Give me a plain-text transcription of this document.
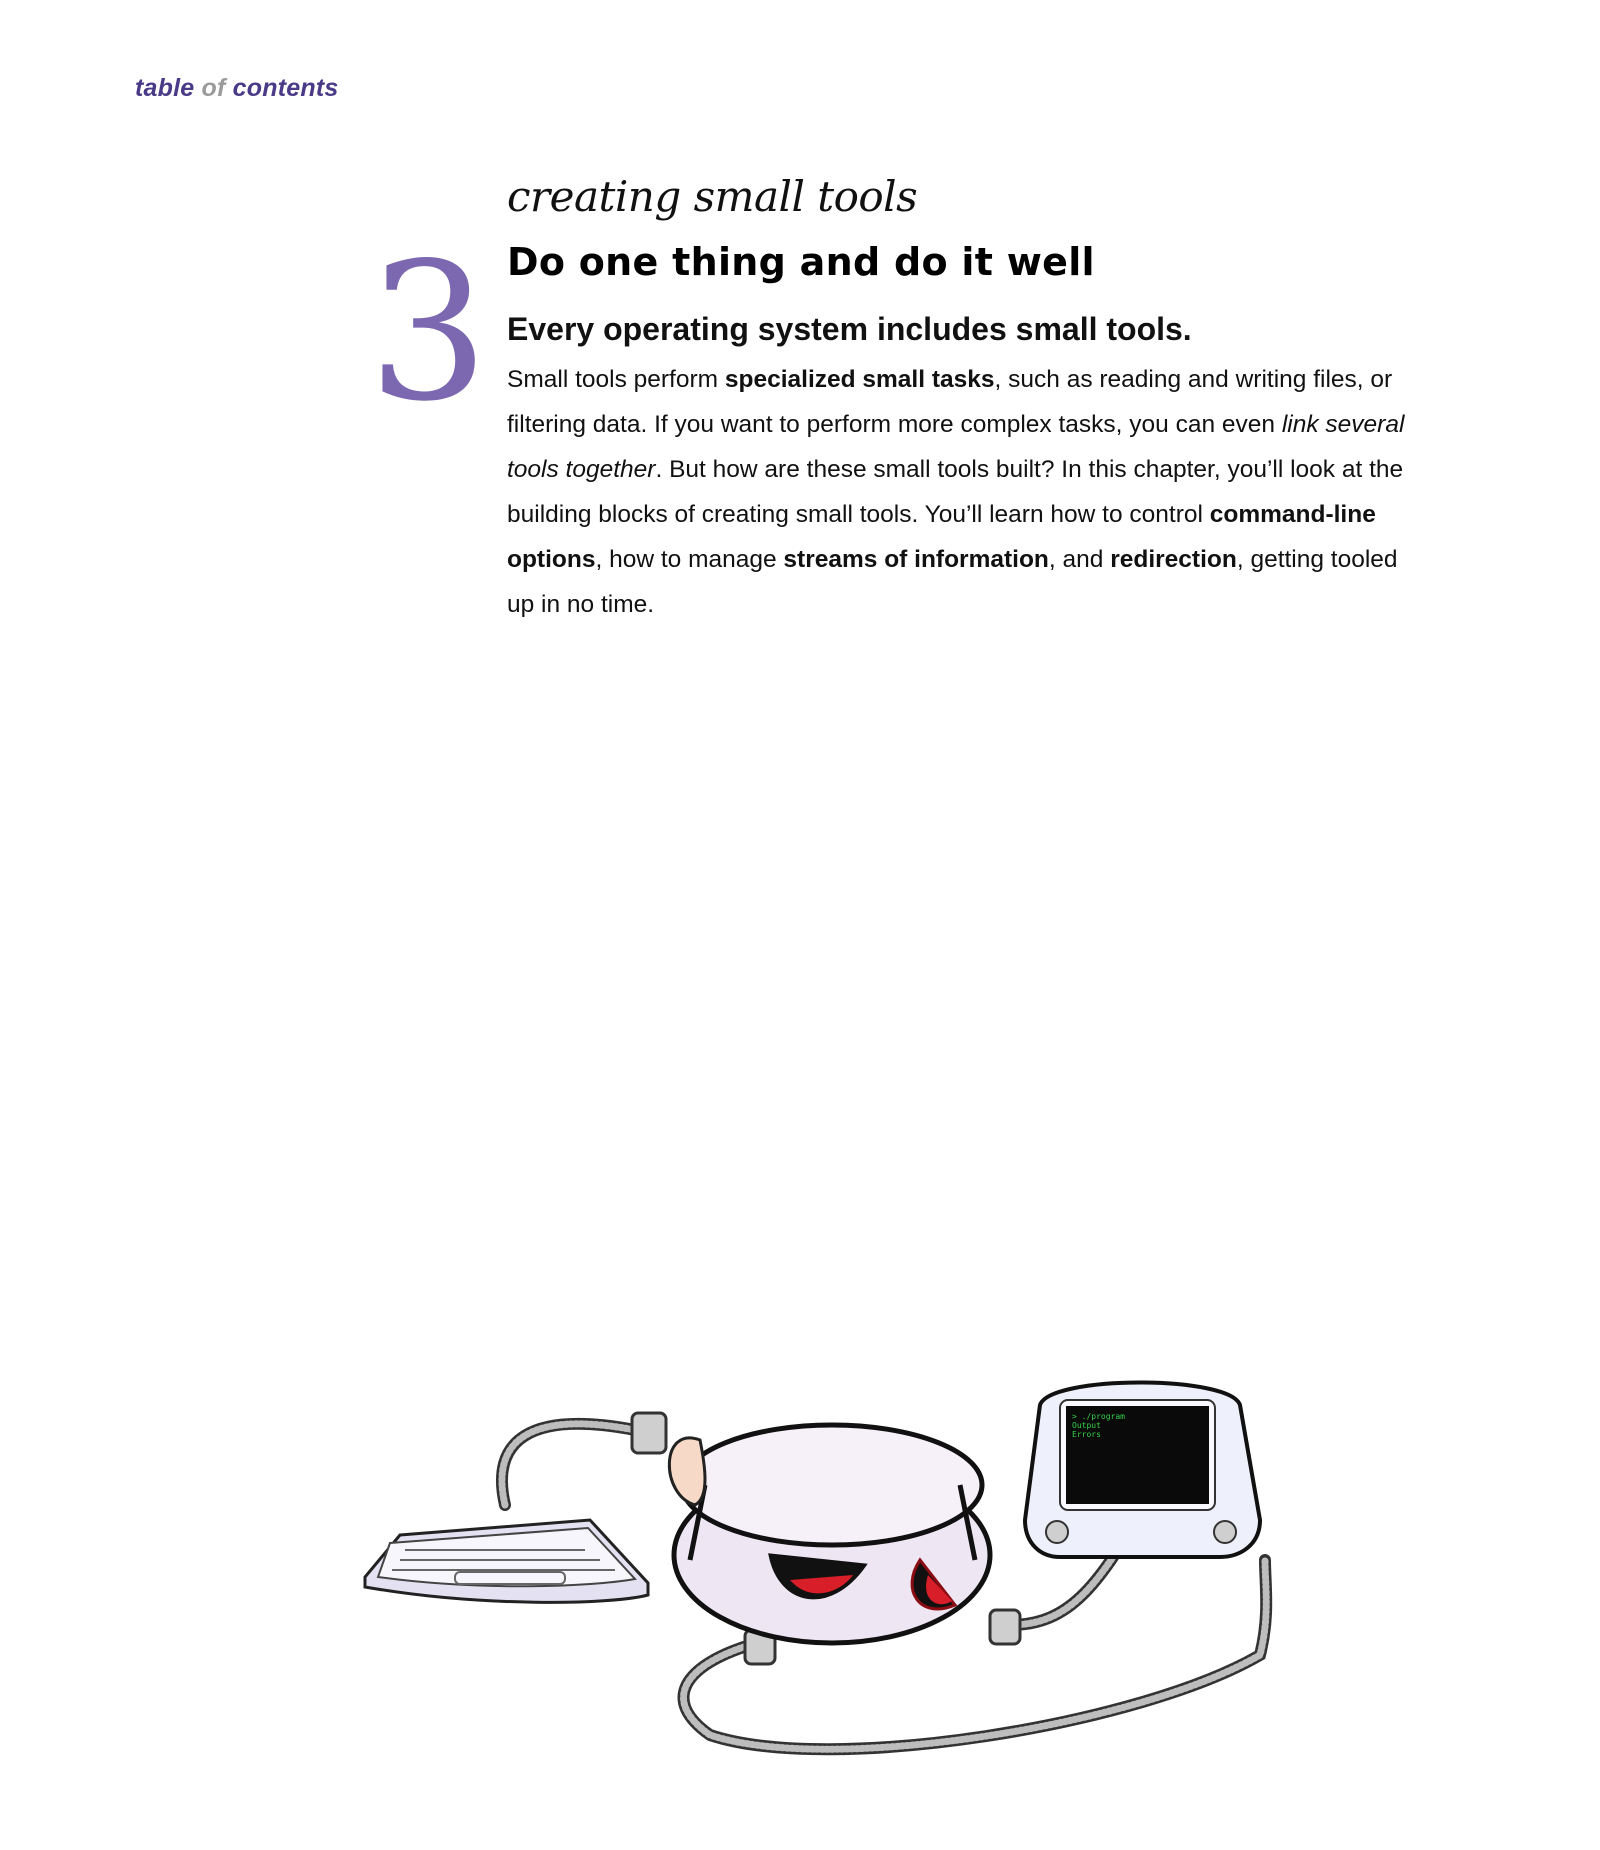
table of contents
3
creating small tools
Do one thing and do it well
Every operating system includes small tools.
Small tools perform specialized small tasks, such as reading and writing files, or filtering data. If you want to perform more complex tasks, you can even link several tools together. But how are these small tools built? In this chapter, you’ll look at the building blocks of creating small tools. You’ll learn how to control command-line options, how to manage streams of information, and redirection, getting tooled up in no time.
> ./program
Output
Errors
